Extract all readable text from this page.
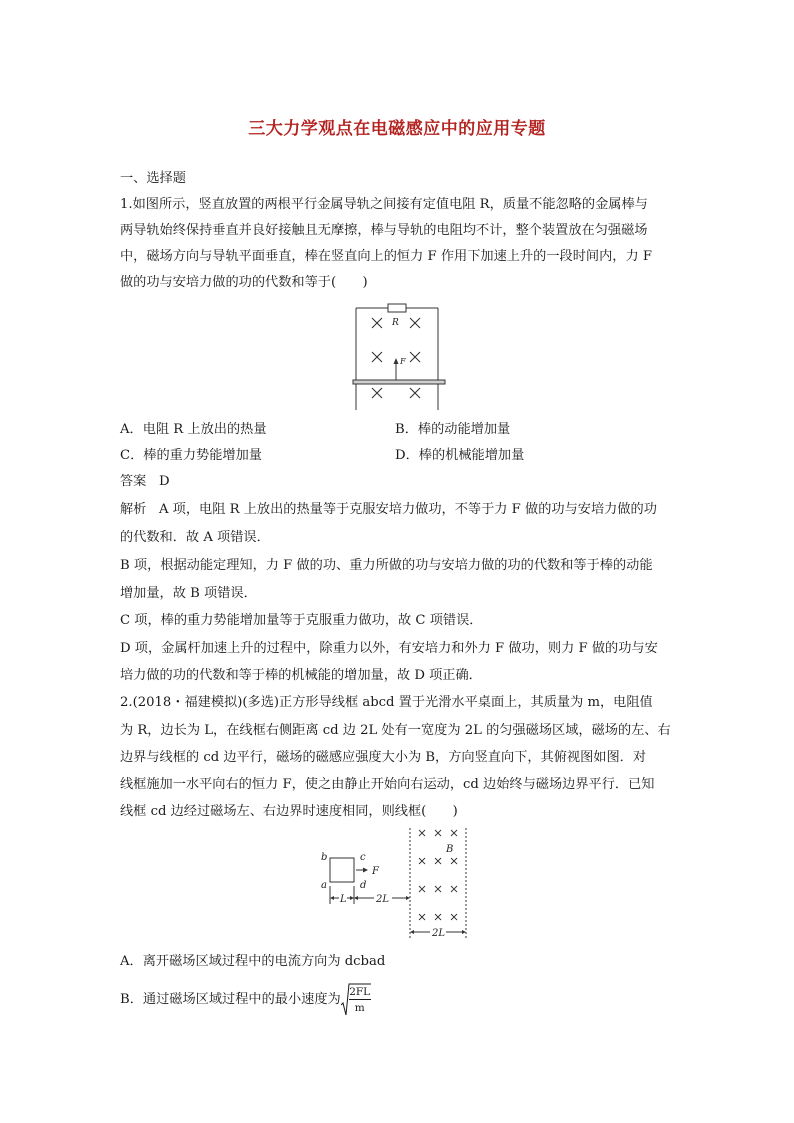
三大力学观点在电磁感应中的应用专题
一、选择题
1.如图所示，竖直放置的两根平行金属导轨之间接有定值电阻 R，质量不能忽略的金属棒与
两导轨始终保持垂直并良好接触且无摩擦，棒与导轨的电阻均不计，整个装置放在匀强磁场
中，磁场方向与导轨平面垂直，棒在竖直向上的恒力 F 作用下加速上升的一段时间内，力 F
做的功与安培力做的功的代数和等于(　　)
R
F
A．电阻 R 上放出的热量	B．棒的动能增加量
C．棒的重力势能增加量	D．棒的机械能增加量
答案 D
解析 A 项，电阻 R 上放出的热量等于克服安培力做功，不等于力 F 做的功与安培力做的功
的代数和．故 A 项错误．
B 项，根据动能定理知，力 F 做的功、重力所做的功与安培力做的功的代数和等于棒的动能
增加量，故 B 项错误．
C 项，棒的重力势能增加量等于克服重力做功，故 C 项错误．
D 项，金属杆加速上升的过程中，除重力以外，有安培力和外力 F 做功，则力 F 做的功与安
培力做的功的代数和等于棒的机械能的增加量，故 D 项正确．
2.(2018・福建模拟)(多选)正方形导线框 abcd 置于光滑水平桌面上，其质量为 m，电阻值
为 R，边长为 L，在线框右侧距离 cd 边 2L 处有一宽度为 2L 的匀强磁场区域，磁场的左、右
边界与线框的 cd 边平行，磁场的磁感应强度大小为 B，方向竖直向下，其俯视图如图．对
线框施加一水平向右的恒力 F，使之由静止开始向右运动，cd 边始终与磁场边界平行．已知
线框 cd 边经过磁场左、右边界时速度相同，则线框(　　)
b
a
c
d
F
B
L	2L
2L
A．离开磁场区域过程中的电流方向为 dcbad
B．通过磁场区域过程中的最小速度为 $\frac{2FL}{m}$
